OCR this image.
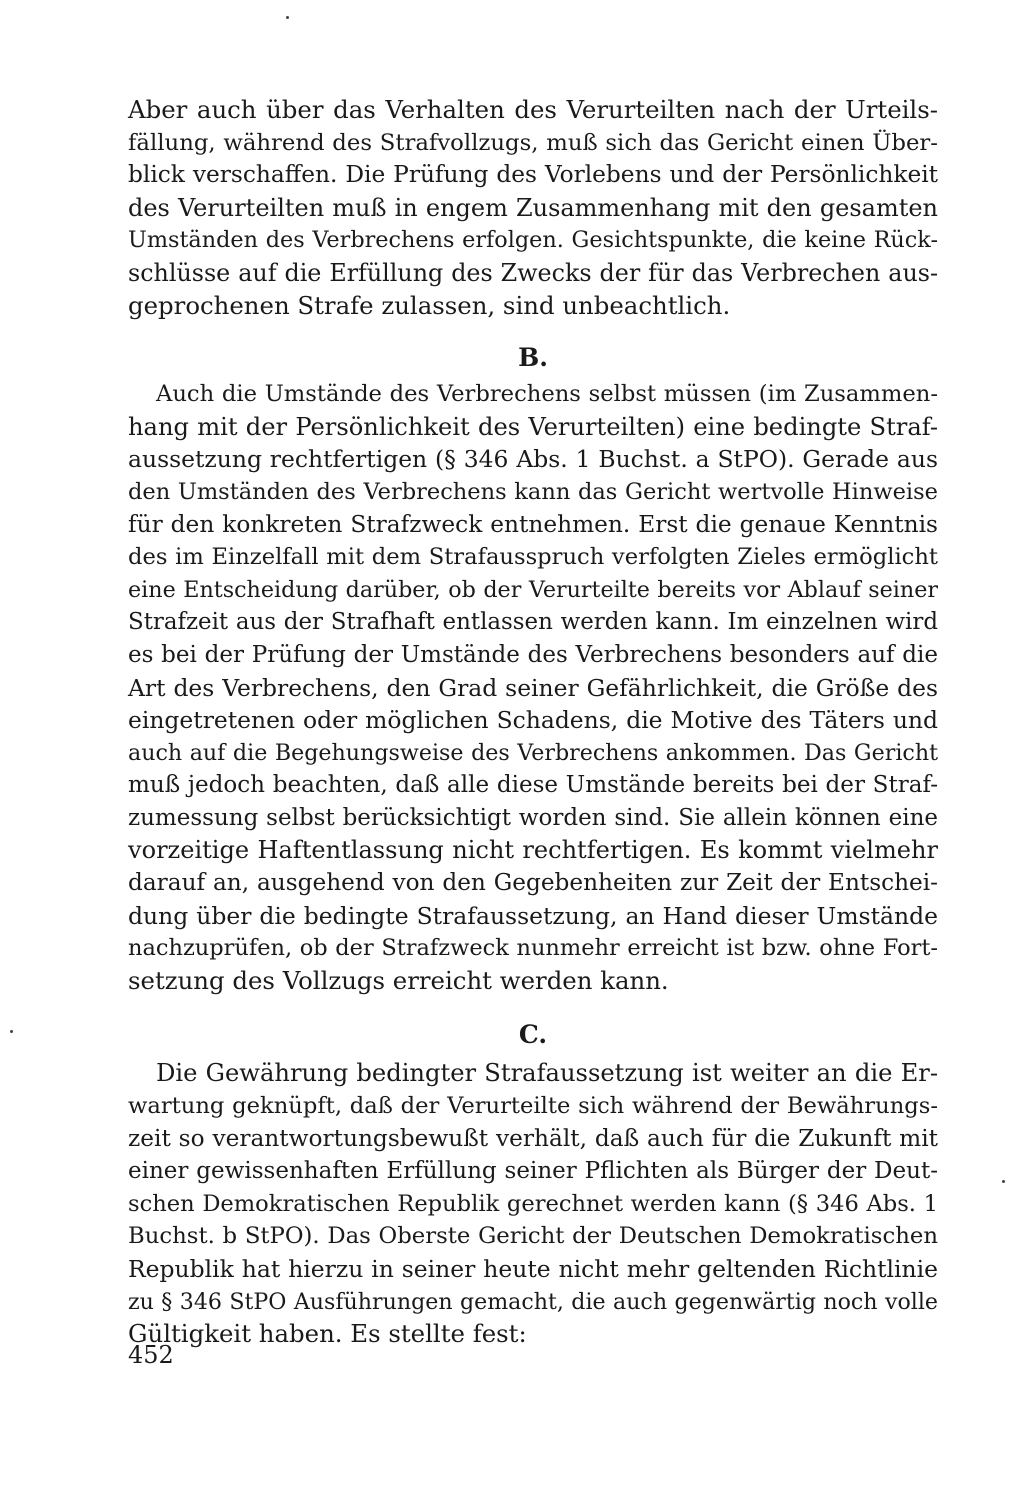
Aber auch über das Verhalten des Verurteilten nach der Urteils-
fällung, während des Strafvollzugs, muß sich das Gericht einen Über-
blick verschaffen. Die Prüfung des Vorlebens und der Persönlichkeit
des Verurteilten muß in engem Zusammenhang mit den gesamten
Umständen des Verbrechens erfolgen. Gesichtspunkte, die keine Rück-
schlüsse auf die Erfüllung des Zwecks der für das Verbrechen aus-
geprochenen Strafe zulassen, sind unbeachtlich.

B.

Auch die Umstände des Verbrechens selbst müssen (im Zusammen-
hang mit der Persönlichkeit des Verurteilten) eine bedingte Straf-
aussetzung rechtfertigen (§ 346 Abs. 1 Buchst. a StPO). Gerade aus
den Umständen des Verbrechens kann das Gericht wertvolle Hinweise
für den konkreten Strafzweck entnehmen. Erst die genaue Kenntnis
des im Einzelfall mit dem Strafausspruch verfolgten Zieles ermöglicht
eine Entscheidung darüber, ob der Verurteilte bereits vor Ablauf seiner
Strafzeit aus der Strafhaft entlassen werden kann. Im einzelnen wird
es bei der Prüfung der Umstände des Verbrechens besonders auf die
Art des Verbrechens, den Grad seiner Gefährlichkeit, die Größe des
eingetretenen oder möglichen Schadens, die Motive des Täters und
auch auf die Begehungsweise des Verbrechens ankommen. Das Gericht
muß jedoch beachten, daß alle diese Umstände bereits bei der Straf-
zumessung selbst berücksichtigt worden sind. Sie allein können eine
vorzeitige Haftentlassung nicht rechtfertigen. Es kommt vielmehr
darauf an, ausgehend von den Gegebenheiten zur Zeit der Entschei-
dung über die bedingte Strafaussetzung, an Hand dieser Umstände
nachzuprüfen, ob der Strafzweck nunmehr erreicht ist bzw. ohne Fort-
setzung des Vollzugs erreicht werden kann.

C.

Die Gewährung bedingter Strafaussetzung ist weiter an die Er-
wartung geknüpft, daß der Verurteilte sich während der Bewährungs-
zeit so verantwortungsbewußt verhält, daß auch für die Zukunft mit
einer gewissenhaften Erfüllung seiner Pflichten als Bürger der Deut-
schen Demokratischen Republik gerechnet werden kann (§ 346 Abs. 1
Buchst. b StPO). Das Oberste Gericht der Deutschen Demokratischen
Republik hat hierzu in seiner heute nicht mehr geltenden Richtlinie
zu § 346 StPO Ausführungen gemacht, die auch gegenwärtig noch volle
Gültigkeit haben. Es stellte fest:

452
